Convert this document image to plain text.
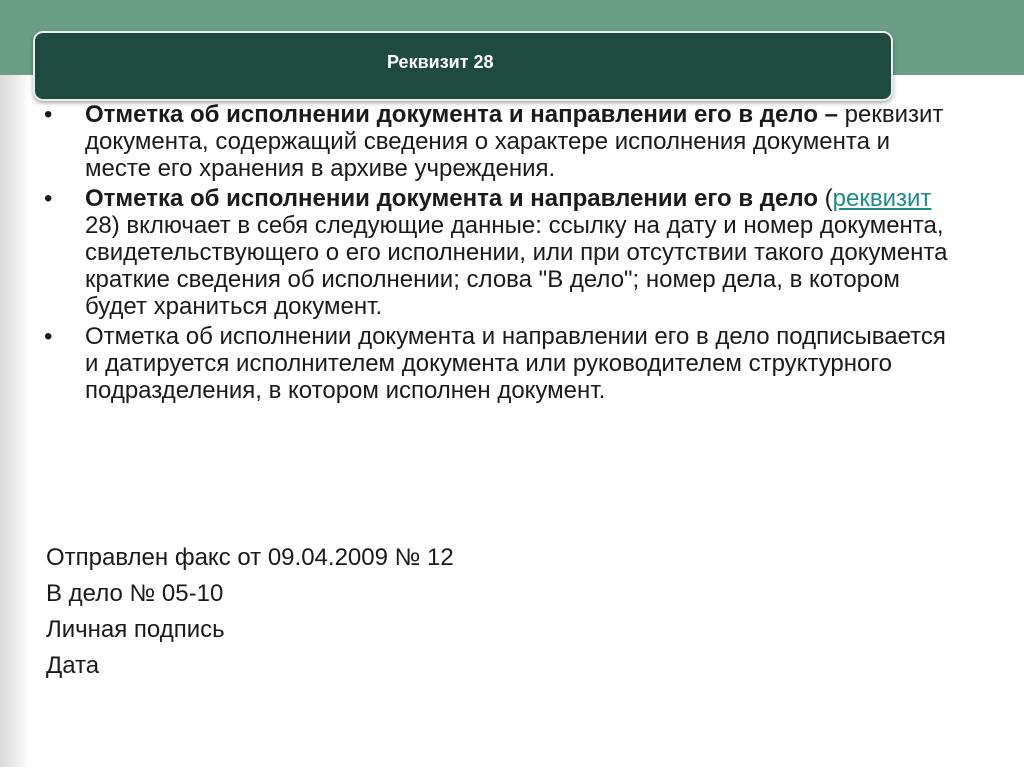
Реквизит 28
• Отметка об исполнении документа и направлении его в дело – реквизит документа, содержащий сведения о характере исполнения документа и месте его хранения в архиве учреждения.
• Отметка об исполнении документа и направлении его в дело (реквизит 28) включает в себя следующие данные: ссылку на дату и номер документа, свидетельствующего о его исполнении, или при отсутствии такого документа краткие сведения об исполнении; слова "В дело"; номер дела, в котором будет храниться документ.
• Отметка об исполнении документа и направлении его в дело подписывается и датируется исполнителем документа или руководителем структурного подразделения, в котором исполнен документ.
Отправлен факс от 09.04.2009 № 12
В дело № 05-10
Личная подпись
Дата
